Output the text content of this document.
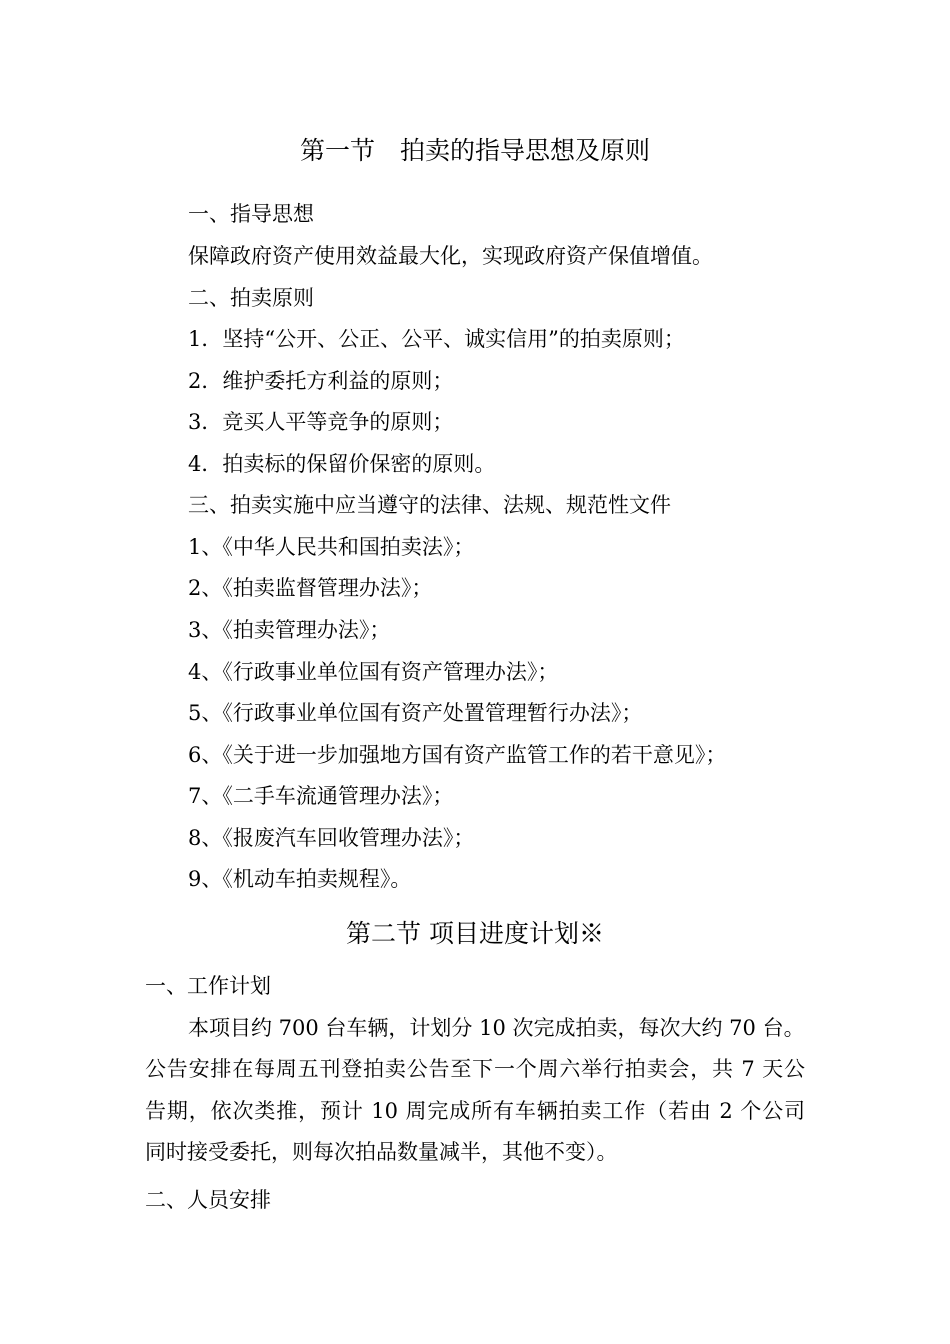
第一节　拍卖的指导思想及原则
一、指导思想
保障政府资产使用效益最大化，实现政府资产保值增值。
二、拍卖原则
1．坚持“公开、公正、公平、诚实信用”的拍卖原则；
2．维护委托方利益的原则；
3．竞买人平等竞争的原则；
4．拍卖标的保留价保密的原则。
三、拍卖实施中应当遵守的法律、法规、规范性文件
1、《中华人民共和国拍卖法》；
2、《拍卖监督管理办法》；
3、《拍卖管理办法》；
4、《行政事业单位国有资产管理办法》；
5、《行政事业单位国有资产处置管理暂行办法》；
6、《关于进一步加强地方国有资产监管工作的若干意见》；
7、《二手车流通管理办法》；
8、《报废汽车回收管理办法》；
9、《机动车拍卖规程》。
第二节 项目进度计划※
一、工作计划
本项目约 700 台车辆，计划分 10 次完成拍卖，每次大约 70 台。
公告安排在每周五刊登拍卖公告至下一个周六举行拍卖会，共 7 天公
告期，依次类推，预计 10 周完成所有车辆拍卖工作（若由 2 个公司
同时接受委托，则每次拍品数量减半，其他不变）。
二、人员安排
